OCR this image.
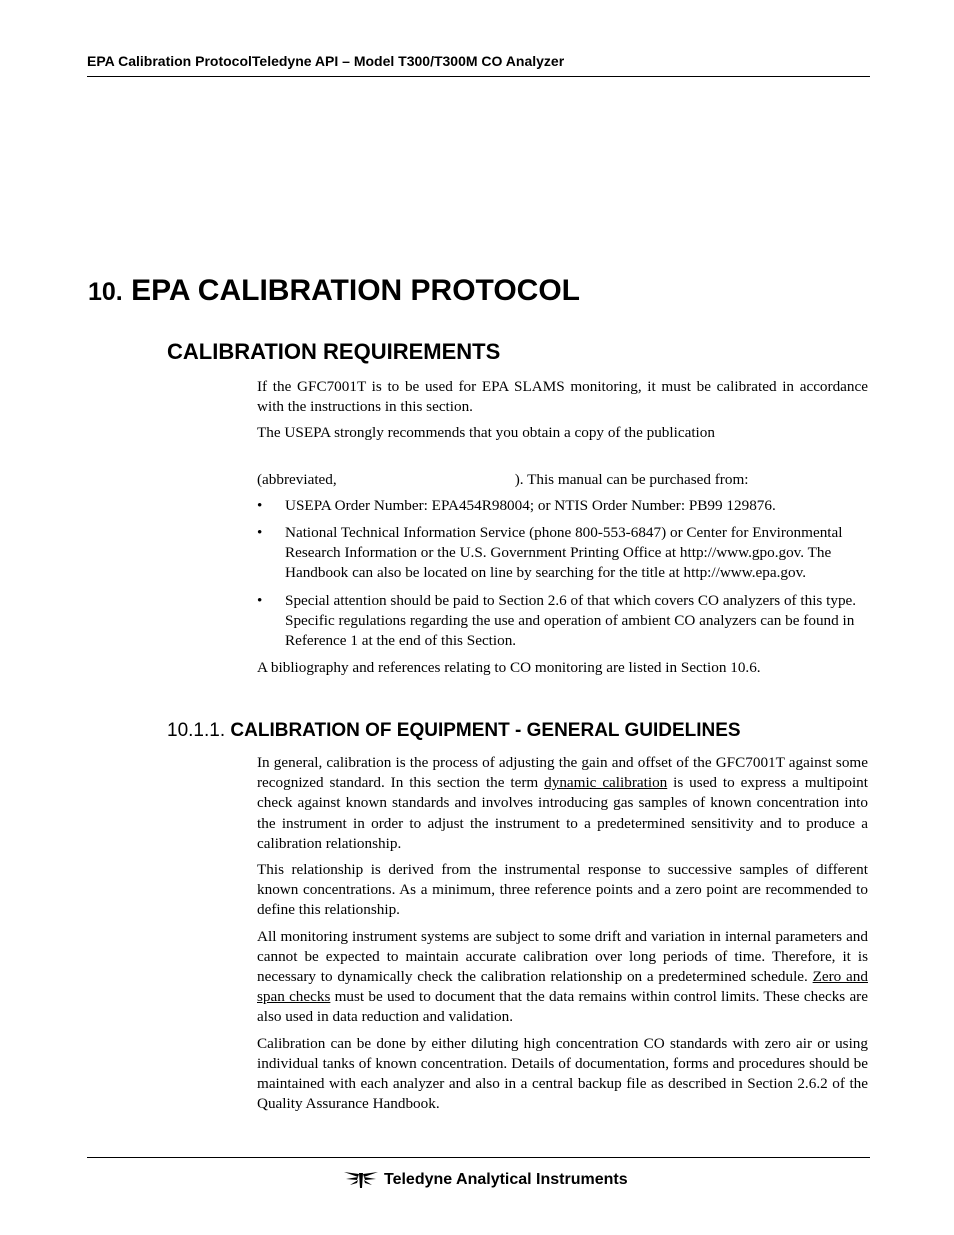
EPA Calibration ProtocolTeledyne API – Model T300/T300M CO Analyzer
10. EPA CALIBRATION PROTOCOL
CALIBRATION REQUIREMENTS

If the GFC7001T is to be used for EPA SLAMS monitoring, it must be calibrated in accordance with the instructions in this section.

The USEPA strongly recommends that you obtain a copy of the publication

(abbreviated,	). This manual can be purchased from:

• USEPA Order Number: EPA454R98004; or NTIS Order Number: PB99 129876.
• National Technical Information Service (phone 800-553-6847) or Center for Environmental Research Information or the U.S. Government Printing Office at http://www.gpo.gov. The Handbook can also be located on line by searching for the title at http://www.epa.gov.
• Special attention should be paid to Section 2.6 of that which covers CO analyzers of this type. Specific regulations regarding the use and operation of ambient CO analyzers can be found in Reference 1 at the end of this Section.

A bibliography and references relating to CO monitoring are listed in Section 10.6.

10.1.1. CALIBRATION OF EQUIPMENT - GENERAL GUIDELINES

In general, calibration is the process of adjusting the gain and offset of the GFC7001T against some recognized standard. In this section the term dynamic calibration is used to express a multipoint check against known standards and involves introducing gas samples of known concentration into the instrument in order to adjust the instrument to a predetermined sensitivity and to produce a calibration relationship.

This relationship is derived from the instrumental response to successive samples of different known concentrations. As a minimum, three reference points and a zero point are recommended to define this relationship.

All monitoring instrument systems are subject to some drift and variation in internal parameters and cannot be expected to maintain accurate calibration over long periods of time. Therefore, it is necessary to dynamically check the calibration relationship on a predetermined schedule. Zero and span checks must be used to document that the data remains within control limits. These checks are also used in data reduction and validation.

Calibration can be done by either diluting high concentration CO standards with zero air or using individual tanks of known concentration. Details of documentation, forms and procedures should be maintained with each analyzer and also in a central backup file as described in Section 2.6.2 of the Quality Assurance Handbook.

Teledyne Analytical Instruments
